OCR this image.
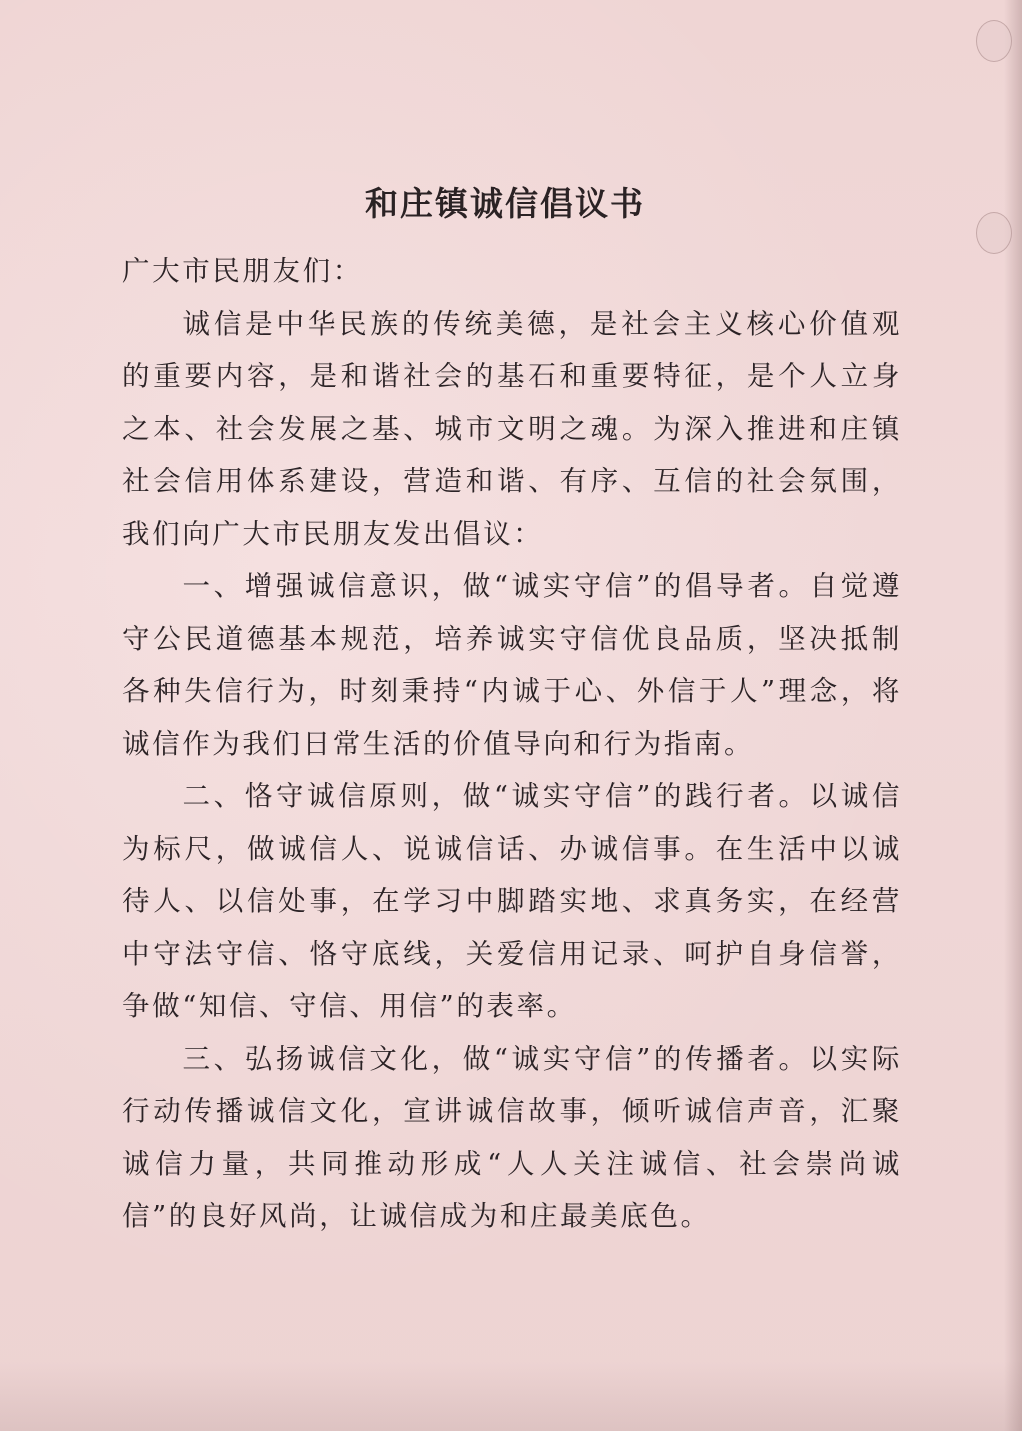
和庄镇诚信倡议书

广大市民朋友们：

诚信是中华民族的传统美德，是社会主义核心价值观的重要内容，是和谐社会的基石和重要特征，是个人立身之本、社会发展之基、城市文明之魂。为深入推进和庄镇社会信用体系建设，营造和谐、有序、互信的社会氛围，我们向广大市民朋友发出倡议：

一、增强诚信意识，做“诚实守信”的倡导者。自觉遵守公民道德基本规范，培养诚实守信优良品质，坚决抵制各种失信行为，时刻秉持“内诚于心、外信于人”理念，将诚信作为我们日常生活的价值导向和行为指南。

二、恪守诚信原则，做“诚实守信”的践行者。以诚信为标尺，做诚信人、说诚信话、办诚信事。在生活中以诚待人、以信处事，在学习中脚踏实地、求真务实，在经营中守法守信、恪守底线，关爱信用记录、呵护自身信誉，争做“知信、守信、用信”的表率。

三、弘扬诚信文化，做“诚实守信”的传播者。以实际行动传播诚信文化，宣讲诚信故事，倾听诚信声音，汇聚诚信力量，共同推动形成“人人关注诚信、社会崇尚诚信”的良好风尚，让诚信成为和庄最美底色。
